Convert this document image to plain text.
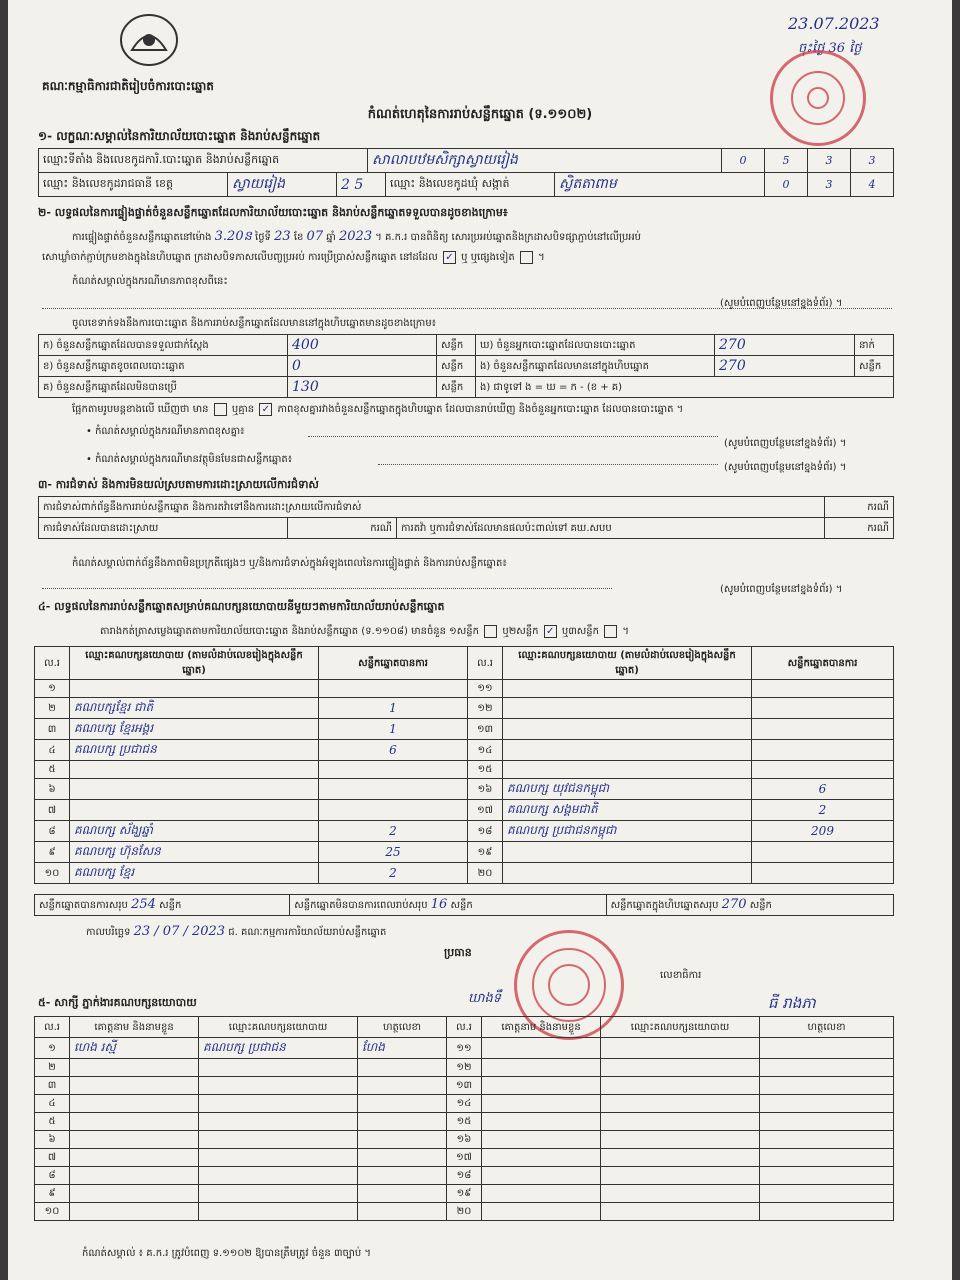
គណៈកម្មាធិការជាតិរៀបចំការបោះឆ្នោត
23.07.2023
ចុះថ្ងៃ 36 ថ្ងៃ
កំណត់ហេតុនៃការរាប់សន្លឹកឆ្នោត (ទ.១១០២)
១- លក្ខណៈសម្គាល់នៃការិយាល័យបោះឆ្នោត និងរាប់សន្លឹកឆ្នោត
ឈ្មោះទីតាំង និងលេខកូដការិ.បោះឆ្នោត និងរាប់សន្លឹកឆ្នោត	សាលាបឋមសិក្សាស្វាយរៀង	0	5	3	3
ឈ្មោះ និងលេខកូដរាជធានី ខេត្ត	ស្វាយរៀង	2 5	ឈ្មោះ និងលេខកូដឃុំ សង្កាត់	ស្វិតតាពាម	0	3	4
២- លទ្ធផលនៃការផ្ទៀងផ្ទាត់ចំនួនសន្លឹកឆ្នោតដែលការិយាល័យបោះឆ្នោត និងរាប់សន្លឹកឆ្នោតទទួលបានដូចខាងក្រោម៖
ការផ្ទៀងផ្ទាត់ចំនួនសន្លឹកឆ្នោតនៅម៉ោង 3.20ន ថ្ងៃទី 23 ខែ 07 ឆ្នាំ 2023 ។ គ.ក.រ បានពិនិត្យ សោរប្រអប់ឆ្នោតនិងក្រដាសបិទផ្សាភ្ជាប់នៅលើប្រអប់
សោឃ្លាំចាក់ភ្ជាប់ក្រមខាងក្នុងនៃហិបឆ្នោត ក្រដាសបិទភាសលើបញ្ចប្រអប់ ការប្រើប្រាស់សន្លឹកឆ្នោត នៅដដែល ✓ ឬ ឬផ្សេងទៀត  ។
កំណត់សម្គាល់ក្នុងករណីមានភាពខុសពីនេះ
(សូមបំពេញបន្ថែមនៅខ្នងទំព័រ) ។
ចូលខេទាក់ទងនឹងការបោះឆ្នោត និងការរាប់សន្លឹកឆ្នោតដែលមាននៅក្នុងហិបឆ្នោតមានដូចខាងក្រោម៖
ក) ចំនួនសន្លឹកឆ្នោតដែលបានទទួលជាក់ស្តែង	400	សន្លឹក	ឃ) ចំនួនអ្នកបោះឆ្នោតដែលបានបោះឆ្នោត	270	នាក់
ខ) ចំនួនសន្លឹកឆ្នោតខូចពេលបោះឆ្នោត	0	សន្លឹក	ង) ចំនួនសន្លឹកឆ្នោតដែលមាននៅក្នុងហិបឆ្នោត	270	សន្លឹក
គ) ចំនួនសន្លឹកឆ្នោតដែលមិនបានប្រើ	130	សន្លឹក	ង) ជាទូទៅ ង = ឃ = ក - (ខ + គ)		
ផ្អែកតាមរូបមន្តខាងលើ ឃើញថា មាន ឬគ្មាន ✓ ភាពខុសគ្នារវាងចំនួនសន្លឹកឆ្នោតក្នុងហិបឆ្នោត ដែលបានរាប់ឃើញ និងចំនួនអ្នកបោះឆ្នោត ដែលបានបោះឆ្នោត ។
• កំណត់សម្គាល់ក្នុងករណីមានភាពខុសគ្នា៖
(សូមបំពេញបន្ថែមនៅខ្នងទំព័រ) ។
• កំណត់សម្គាល់ក្នុងករណីមានវត្ថុមិនមែនជាសន្លឹកឆ្នោត៖
(សូមបំពេញបន្ថែមនៅខ្នងទំព័រ) ។
៣- ការជំទាស់ និងការមិនយល់ស្របតាមការដោះស្រាយលើការជំទាស់
ការជំទាស់ពាក់ព័ន្ធនឹងការរាប់សន្លឹកឆ្នោត និងការតវ៉ាទៅនឹងការដោះស្រាយលើការជំទាស់			ករណី
ការជំទាស់ដែលបានដោះស្រាយ	ករណី	ការតវ៉ា ឬការជំទាស់ដែលមានផលប៉ះពាល់ទៅ គឃ.សបប	ករណី
កំណត់សម្គាល់ពាក់ព័ន្ធនឹងភាពមិនប្រក្រតីផ្សេងៗ ឬ/និងការជំទាស់ក្នុងអំឡុងពេលនៃការផ្ទៀងផ្ទាត់ និងការរាប់សន្លឹកឆ្នោត៖
(សូមបំពេញបន្ថែមនៅខ្នងទំព័រ) ។
៤- លទ្ធផលនៃការរាប់សន្លឹកឆ្នោតសម្រាប់គណបក្សនយោបាយនីមួយៗតាមការិយាល័យរាប់សន្លឹកឆ្នោត
តារាងកត់ត្រាសម្លេងឆ្នោតតាមការិយាល័យបោះឆ្នោត និងរាប់សន្លឹកឆ្នោត (ទ.១១០៨) មានចំនួន ១សន្លឹក ឬ២សន្លឹក ✓ ឬ៣សន្លឹក  ។
ល.រ	ឈ្មោះគណបក្សនយោបាយ (តាមលំដាប់លេខរៀងក្នុងសន្លឹកឆ្នោត)	សន្លឹកឆ្នោតបានការ	ល.រ	ឈ្មោះគណបក្សនយោបាយ (តាមលំដាប់លេខរៀងក្នុងសន្លឹកឆ្នោត)	សន្លឹកឆ្នោតបានការ
១			១១		
២	គណបក្សខ្មែរ ជាតិ	1	១២		
៣	គណបក្ស ខ្មែរអង្គរ	1	១៣		
៤	គណបក្ស ប្រជាជន	6	១៤		
៥			១៥		
៦			១៦	គណបក្ស យុវជនកម្ពុជា	6
៧			១៧	គណបក្ស សង្គមជាតិ	2
៨	គណបក្ស ស័ង្ឃឆ្នាំ	2	១៨	គណបក្ស ប្រជាជនកម្ពុជា	209
៩	គណបក្ស ហ៊ុនសែន	25	១៩		
១០	គណបក្ស ខ្មែរ	2	២០		
សន្លឹកឆ្នោតបានការសរុប 254 សន្លឹក	សន្លឹកឆ្នោតមិនបានការពេលរាប់សរុប 16 សន្លឹក	សន្លឹកឆ្នោតក្នុងហិបឆ្នោតសរុប 270 សន្លឹក
កាលបរិច្ឆេទ 23 / 07 / 2023 ជ. គណៈកម្មការការិយាល័យរាប់សន្លឹកឆ្នោត
ប្រធាន
ឃាងទឹ
លេខាធិការ
ធី រាងភា
៥- សាក្សី ភ្នាក់ងារគណបក្សនយោបាយ
ល.រ	គោត្តនាម និងនាមខ្លួន	ឈ្មោះគណបក្សនយោបាយ	ហត្ថលេខា	ល.រ	គោត្តនាម និងនាមខ្លួន	ឈ្មោះគណបក្សនយោបាយ	ហត្ថលេខា
១	ហេង រស្មី	គណបក្ស ប្រជាជន	ហែង	១១			
២				១២			
៣				១៣			
៤				១៤			
៥				១៥			
៦				១៦			
៧				១៧			
៨				១៨			
៩				១៩			
១០				២០			
កំណត់សម្គាល់ ៖ គ.ក.រ ត្រូវបំពេញ ទ.១១០២ ឱ្យបានត្រឹមត្រូវ ចំនួន ៣ច្បាប់ ។
